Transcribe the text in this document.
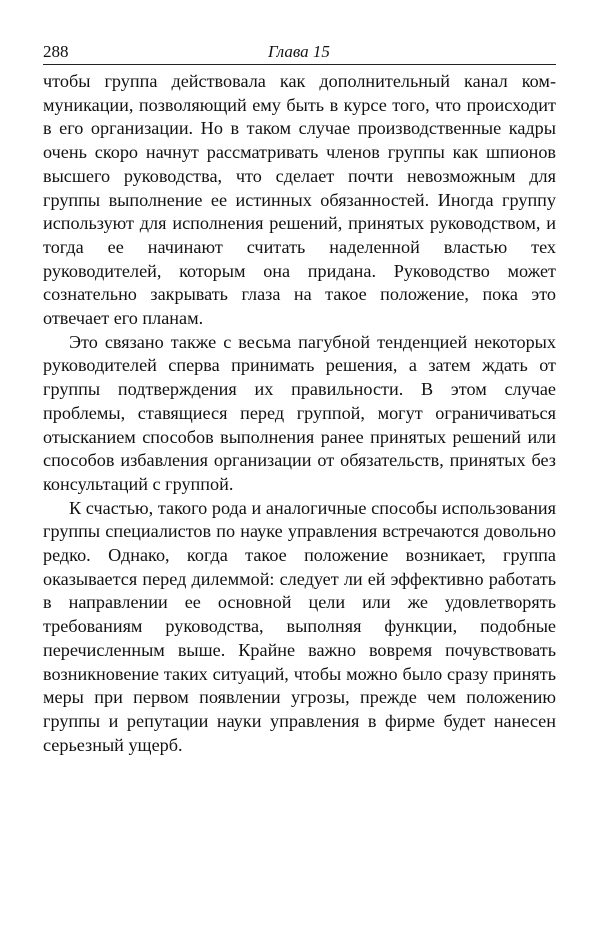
288	Глава 15

чтобы группа действовала как дополнительный канал коммуникации, позволяющий ему быть в курсе того, что происходит в его организации. Но в таком случае производственные кадры очень скоро начнут рассматривать членов группы как шпионов высшего руководства, что сделает почти невозможным для группы выполнение ее истинных обязанностей. Иногда группу используют для исполнения решений, принятых руководством, и тогда ее начинают считать наделенной властью тех руководителей, которым она придана. Руководство может сознательно закрывать глаза на такое положение, пока это отвечает его планам.

Это связано также с весьма пагубной тенденцией некоторых руководителей сперва принимать решения, а затем ждать от группы подтверждения их правильности. В этом случае проблемы, ставящиеся перед группой, могут ограничиваться отысканием способов выполнения ранее принятых решений или способов избавления организации от обязательств, принятых без консультаций с группой.

К счастью, такого рода и аналогичные способы использования группы специалистов по науке управления встречаются довольно редко. Однако, когда такое положение возникает, группа оказывается перед дилеммой: следует ли ей эффективно работать в направлении ее основной цели или же удовлетворять требованиям руководства, выполняя функции, подобные перечисленным выше. Крайне важно вовремя почувствовать возникновение таких ситуаций, чтобы можно было сразу принять меры при первом появлении угрозы, прежде чем положению группы и репутации науки управления в фирме будет нанесен серьезный ущерб.
